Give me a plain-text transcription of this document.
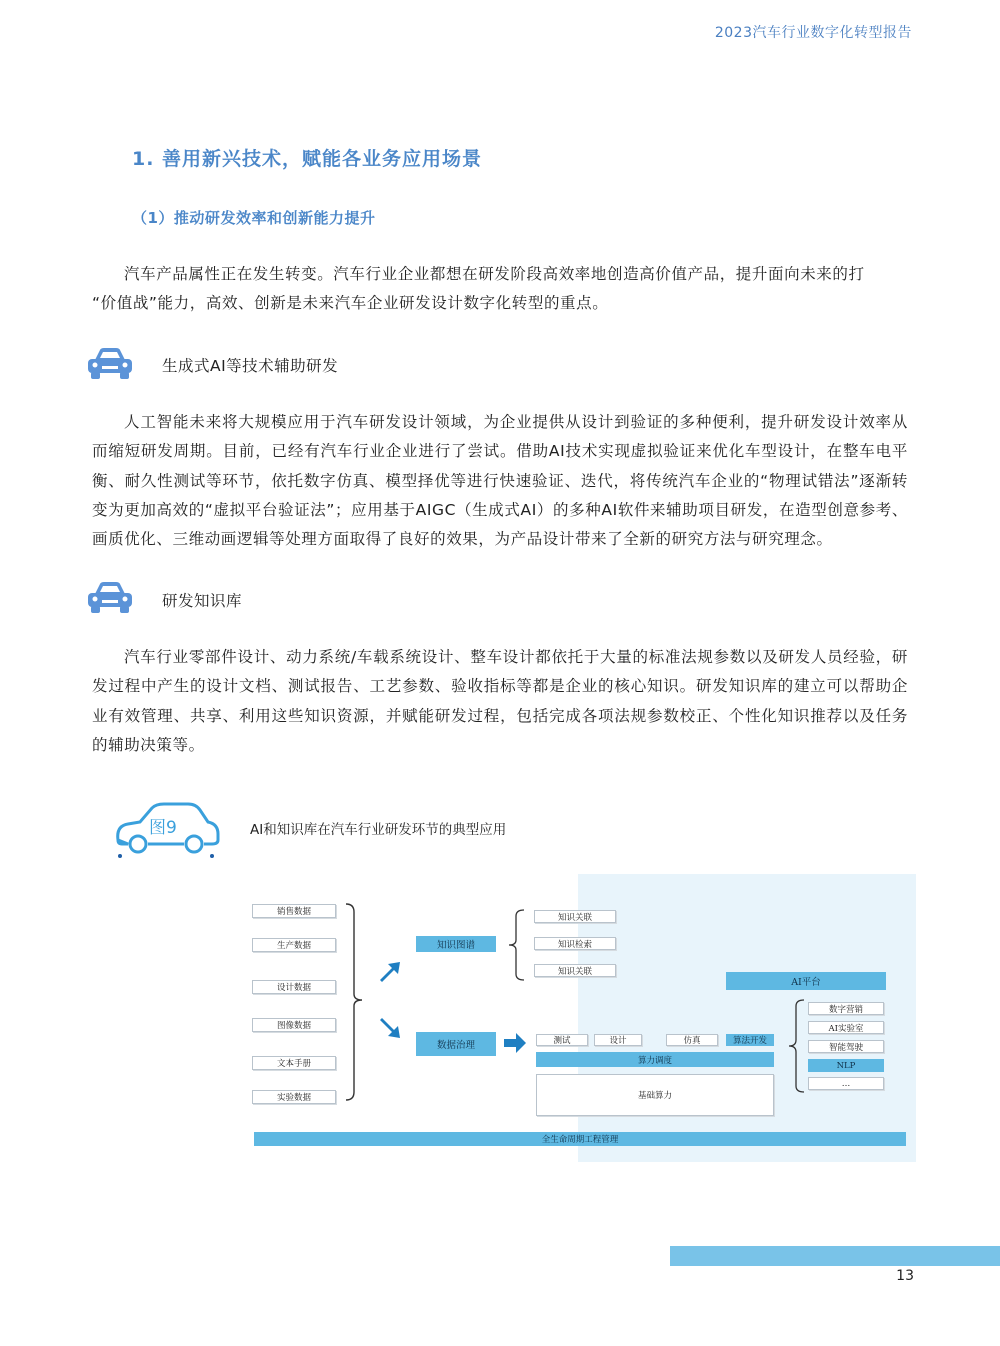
2023汽车行业数字化转型报告
1. 善用新兴技术，赋能各业务应用场景
（1）推动研发效率和创新能力提升

汽车产品属性正在发生转变。汽车行业企业都想在研发阶段高效率地创造高价值产品，提升面向未来的打

“价值战”能力，高效、创新是未来汽车企业研发设计数字化转型的重点。
生成式AI等技术辅助研发

人工智能未来将大规模应用于汽车研发设计领域，为企业提供从设计到验证的多种便利，提升研发设计效率从而缩短研发周期。目前，已经有汽车行业企业进行了尝试。借助AI技术实现虚拟验证来优化车型设计，在整车电平衡、耐久性测试等环节，依托数字仿真、模型择优等进行快速验证、迭代，将传统汽车企业的“物理试错法”逐渐转变为更加高效的“虚拟平台验证法”；应用基于AIGC（生成式AI）的多种AI软件来辅助项目研发，在造型创意参考、画质优化、三维动画逻辑等处理方面取得了良好的效果，为产品设计带来了全新的研究方法与研究理念。

研发知识库

汽车行业零部件设计、动力系统/车载系统设计、整车设计都依托于大量的标准法规参数以及研发人员经验，研发过程中产生的设计文档、测试报告、工艺参数、验收指标等都是企业的核心知识。研发知识库的建立可以帮助企业有效管理、共享、利用这些知识资源，并赋能研发过程，包括完成各项法规参数校正、个性化知识推荐以及任务的辅助决策等。

图9	AI和知识库在汽车行业研发环节的典型应用
销售数据
生产数据
设计数据
图像数据
文本手册
实验数据
知识图谱
知识关联
知识检索
知识关联
数据治理	测试	设计	仿真	算法开发
算力调度
基础算力
AI平台
数字营销
AI实验室
智能驾驶
NLP
…
全生命周期工程管理
13
